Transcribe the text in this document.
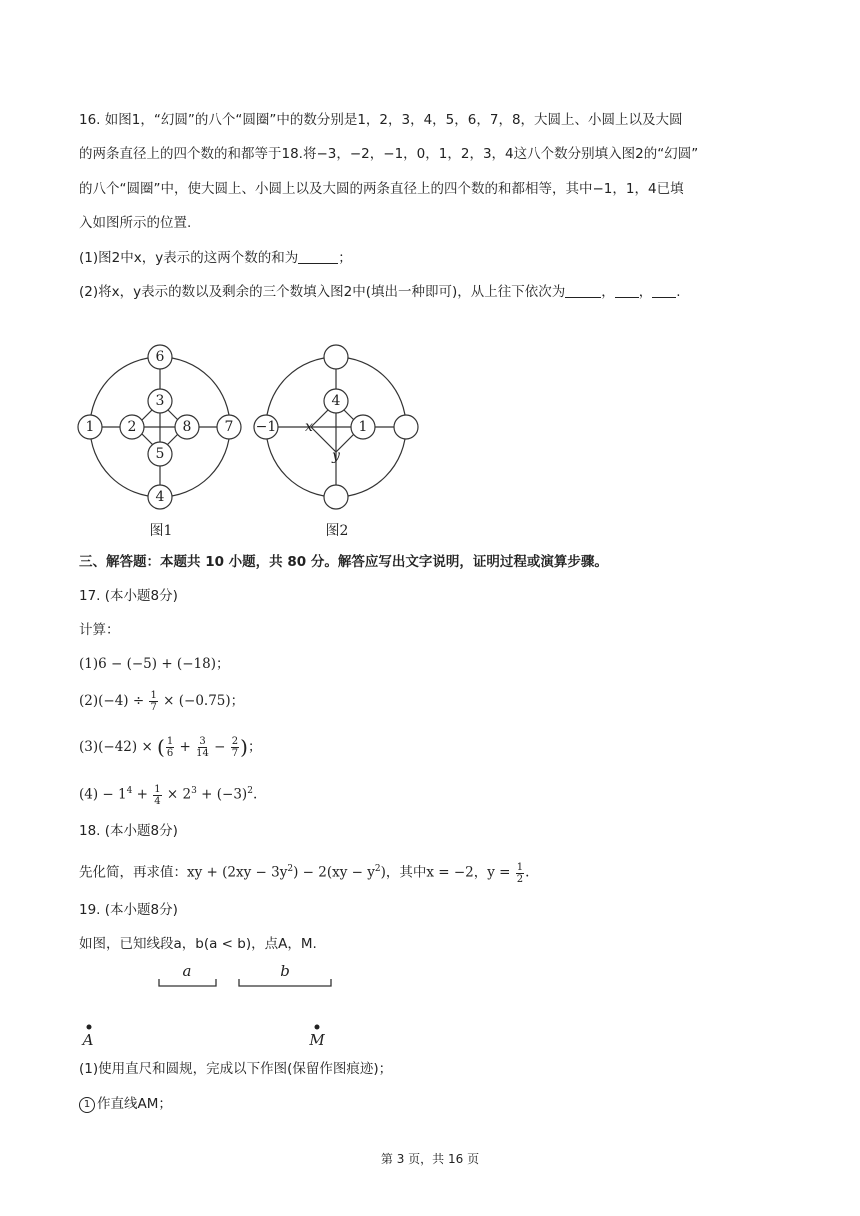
16. 如图1，“幻圆”的八个“圆圈”中的数分别是1，2，3，4，5，6，7，8，大圆上、小圆上以及大圆
的两条直径上的四个数的和都等于18.将−3，−2，−1，0，1，2，3，4这八个数分别填入图2的“幻圆”
的八个“圆圈”中，使大圆上、小圆上以及大圆的两条直径上的四个数的和都相等，其中−1，1，4已填
入如图所示的位置.
(1)图2中x，y表示的这两个数的和为	；
(2)将x，y表示的数以及剩余的三个数填入图2中(填出一种即可)，从上往下依次为	， ， .
6
1 2
3
8
5
7
4
−1 x
4
1
y
图1	图2
三、解答题：本题共 10 小题，共 80 分。解答应写出文字说明，证明过程或演算步骤。
17. (本小题8分)
计算：
(1)6 − (−5) + (−18)；
$(2)(-4) \div \frac{1}{7} \times (-0.75)$；
(3)(−42) × ( $\frac{1}{6} + \frac{3}{14} - \frac{2}{7}$ )；
$(4) - 1^4 + \frac{1}{4} \times 2^3 + (-3)^2$.
18. (本小题8分)
先化简，再求值：xy + $(2xy - 3y^2) - 2(xy - y^2)$，其中x = −2，$y = \frac{1}{2}$ .
19. (本小题8分)
如图，已知线段a，b(a < b)，点A，M.
a	b
A	M
(1)使用直尺和圆规，完成以下作图(保留作图痕迹)；
1 作直线AM；
第 3 页，共 16 页
